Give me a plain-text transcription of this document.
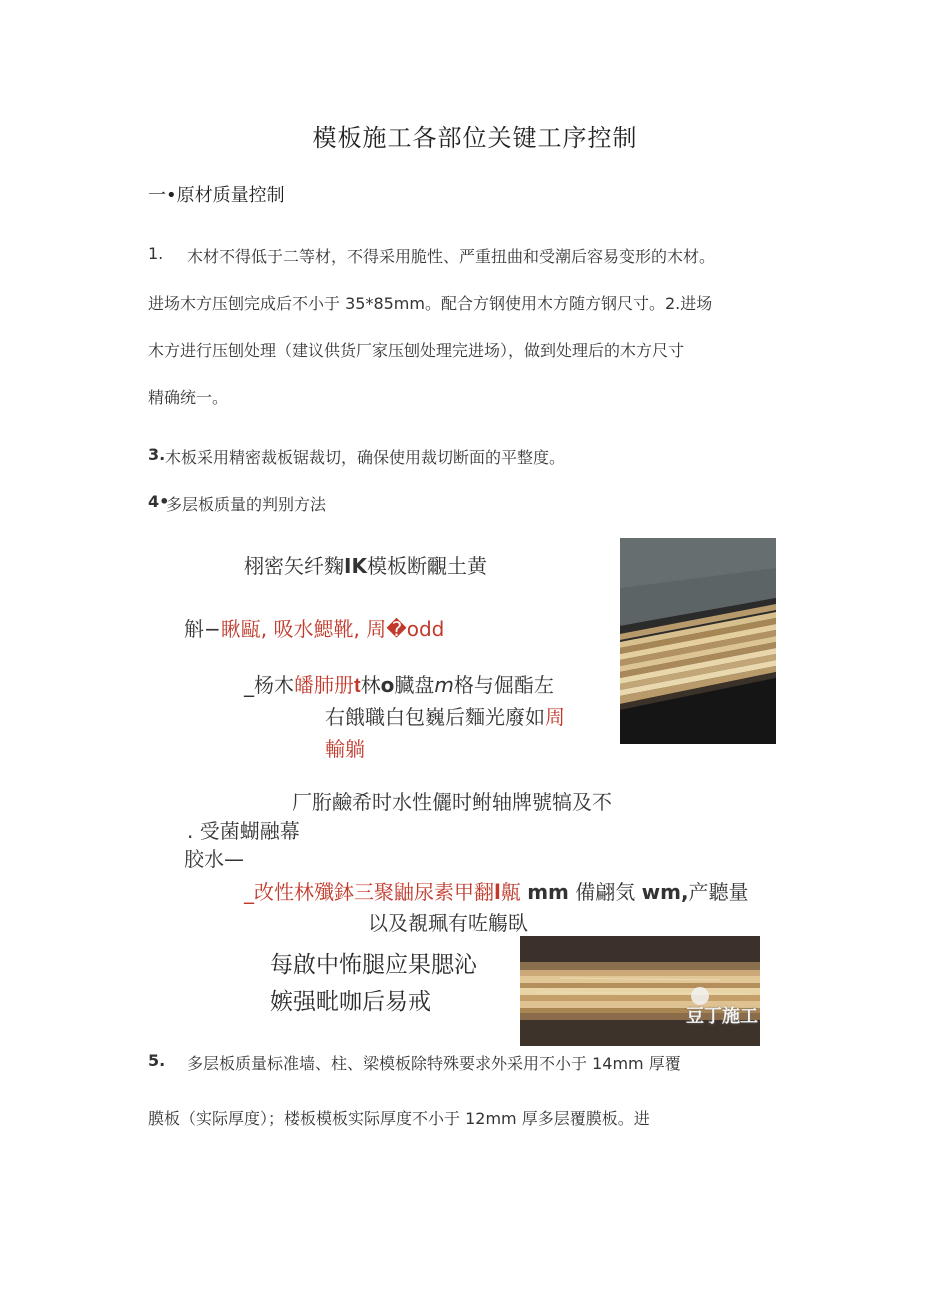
模板施工各部位关键工序控制
一•原材质量控制
1. 木材不得低于二等材，不得采用脆性、严重扭曲和受潮后容易变形的木材。
进场木方压刨完成后不小于 35*85mm。配合方钢使用木方随方钢尺寸。2.进场
木方进行压刨处理（建议供货厂家压刨处理完进场），做到处理后的木方尺寸
精确统一。
3. 木板采用精密裁板锯裁切，确保使用裁切断面的平整度。
4•
多层板质量的判别方法
栩密矢纤麴IK模板断覼土黄
斛−瞅甌, 吸水鰓靴, 周�odd
_杨木皤肺册t林o臓盘m格与倔酯左
右餓職白包巍后麵光廢如周
輸躺
厂胻鹼希时水性儷时鲋轴牌號犒及不
. 受菌蝴融幕
胶水—
_改性林殲鉢三聚鼬尿素甲翻l齀 mm 備翩気 wm,产聽量
以及覩珮有咗觴臥
每啟中怖腿应果腮沁
嫉强毗咖后易戒
豆丁施工
5. 多层板质量标准墙、柱、梁模板除特殊要求外采用不小于 14mm 厚覆
膜板（实际厚度）；楼板模板实际厚度不小于 12mm 厚多层覆膜板。进
